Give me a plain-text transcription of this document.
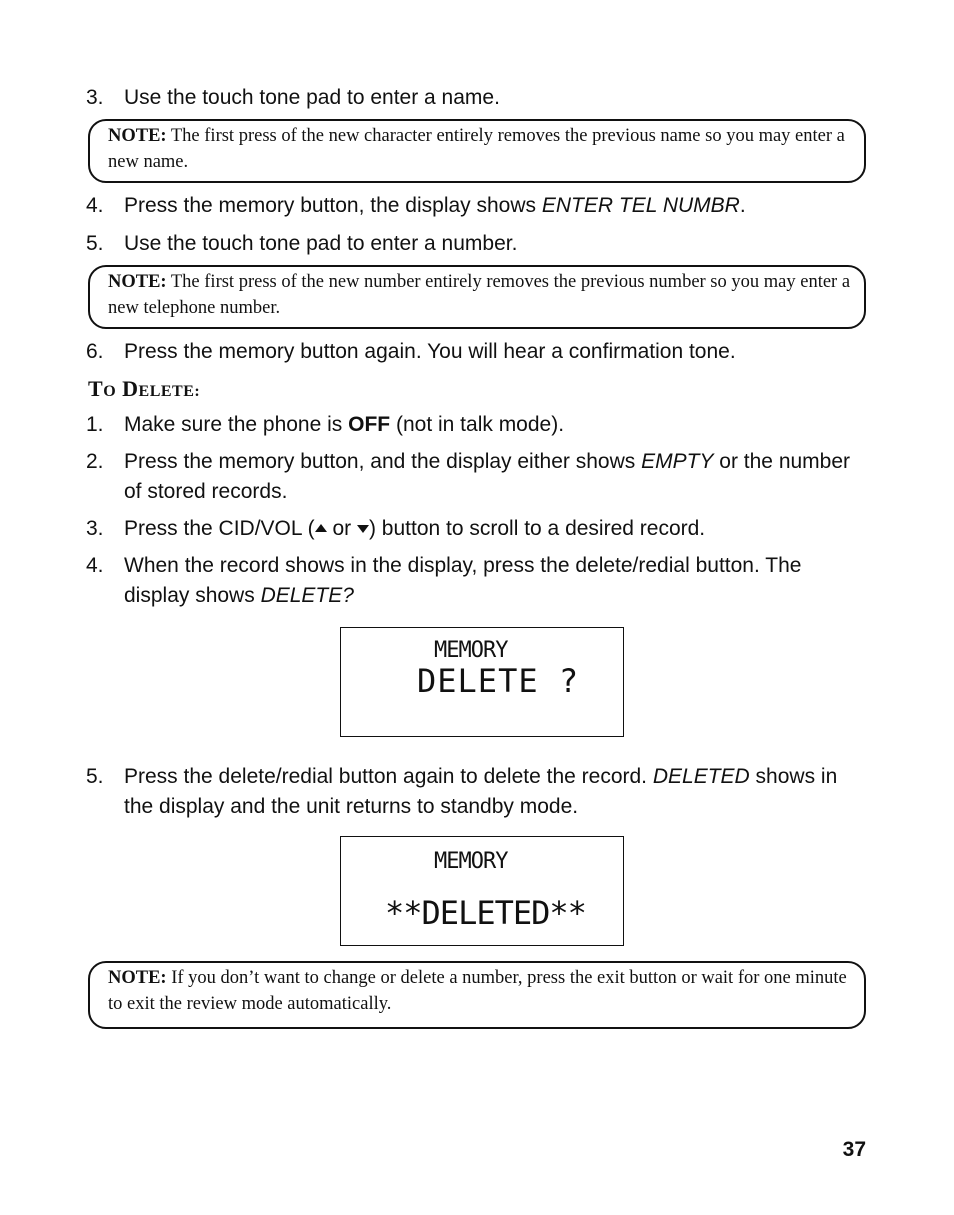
3. Use the touch tone pad to enter a name.
NOTE: The first press of the new character entirely removes the previous name so you may enter a new name.
4. Press the memory button, the display shows ENTER TEL NUMBR.
5. Use the touch tone pad to enter a number.
NOTE: The first press of the new number entirely removes the previous number so you may enter a new telephone number.
6. Press the memory button again. You will hear a confirmation tone.
TO DELETE:
1. Make sure the phone is OFF (not in talk mode).
2. Press the memory button, and the display either shows EMPTY or the number of stored records.
3. Press the CID/VOL ( or ) button to scroll to a desired record.
4. When the record shows in the display, press the delete/redial button. The display shows DELETE?
MEMORY
DELETE ?
5. Press the delete/redial button again to delete the record. DELETED shows in the display and the unit returns to standby mode.
MEMORY
**DELETED**
NOTE: If you don’t want to change or delete a number, press the exit button or wait for one minute to exit the review mode automatically.
37
